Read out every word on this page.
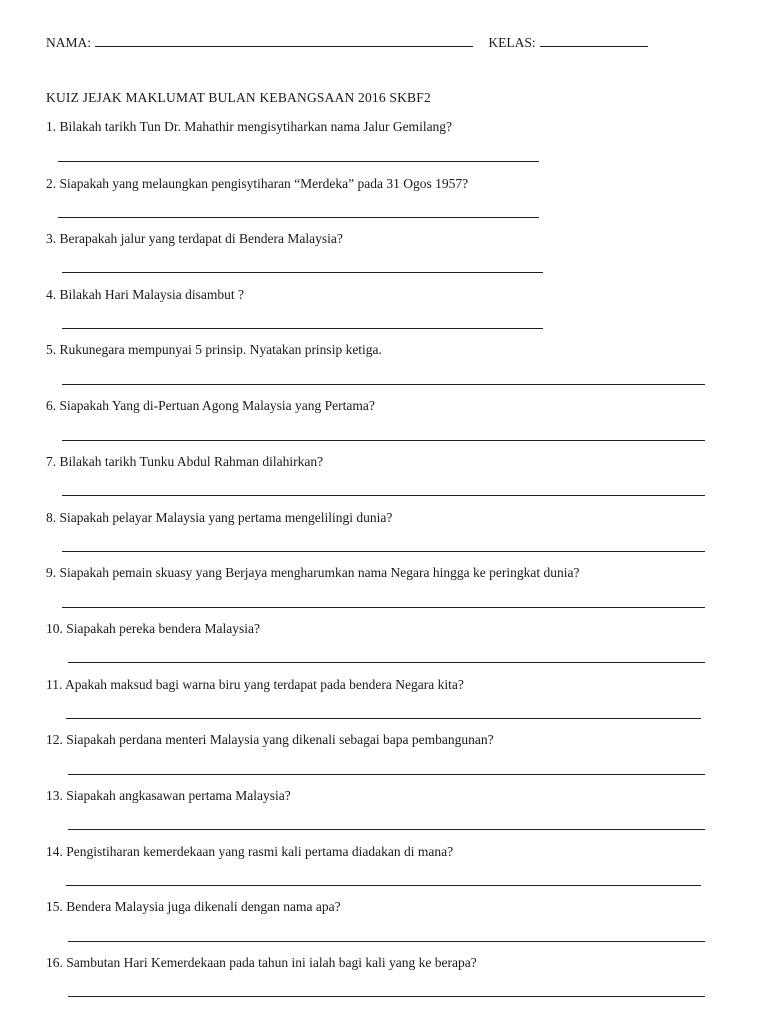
NAMA:	KELAS:
KUIZ JEJAK MAKLUMAT BULAN KEBANGSAAN 2016 SKBF2
1. Bilakah tarikh Tun Dr. Mahathir mengisytiharkan nama Jalur Gemilang?
2. Siapakah yang melaungkan pengisytiharan “Merdeka” pada 31 Ogos 1957?
3. Berapakah jalur yang terdapat di Bendera Malaysia?
4. Bilakah Hari Malaysia disambut ?
5. Rukunegara mempunyai 5 prinsip. Nyatakan prinsip ketiga.
6. Siapakah Yang di-Pertuan Agong Malaysia yang Pertama?
7. Bilakah tarikh Tunku Abdul Rahman dilahirkan?
8. Siapakah pelayar Malaysia yang pertama mengelilingi dunia?
9. Siapakah pemain skuasy yang Berjaya mengharumkan nama Negara hingga ke peringkat dunia?
10. Siapakah pereka bendera Malaysia?
11. Apakah maksud bagi warna biru yang terdapat pada bendera Negara kita?
12. Siapakah perdana menteri Malaysia yang dikenali sebagai bapa pembangunan?
13. Siapakah angkasawan pertama Malaysia?
14. Pengistiharan kemerdekaan yang rasmi kali pertama diadakan di mana?
15. Bendera Malaysia juga dikenali dengan nama apa?
16. Sambutan Hari Kemerdekaan pada tahun ini ialah bagi kali yang ke berapa?
